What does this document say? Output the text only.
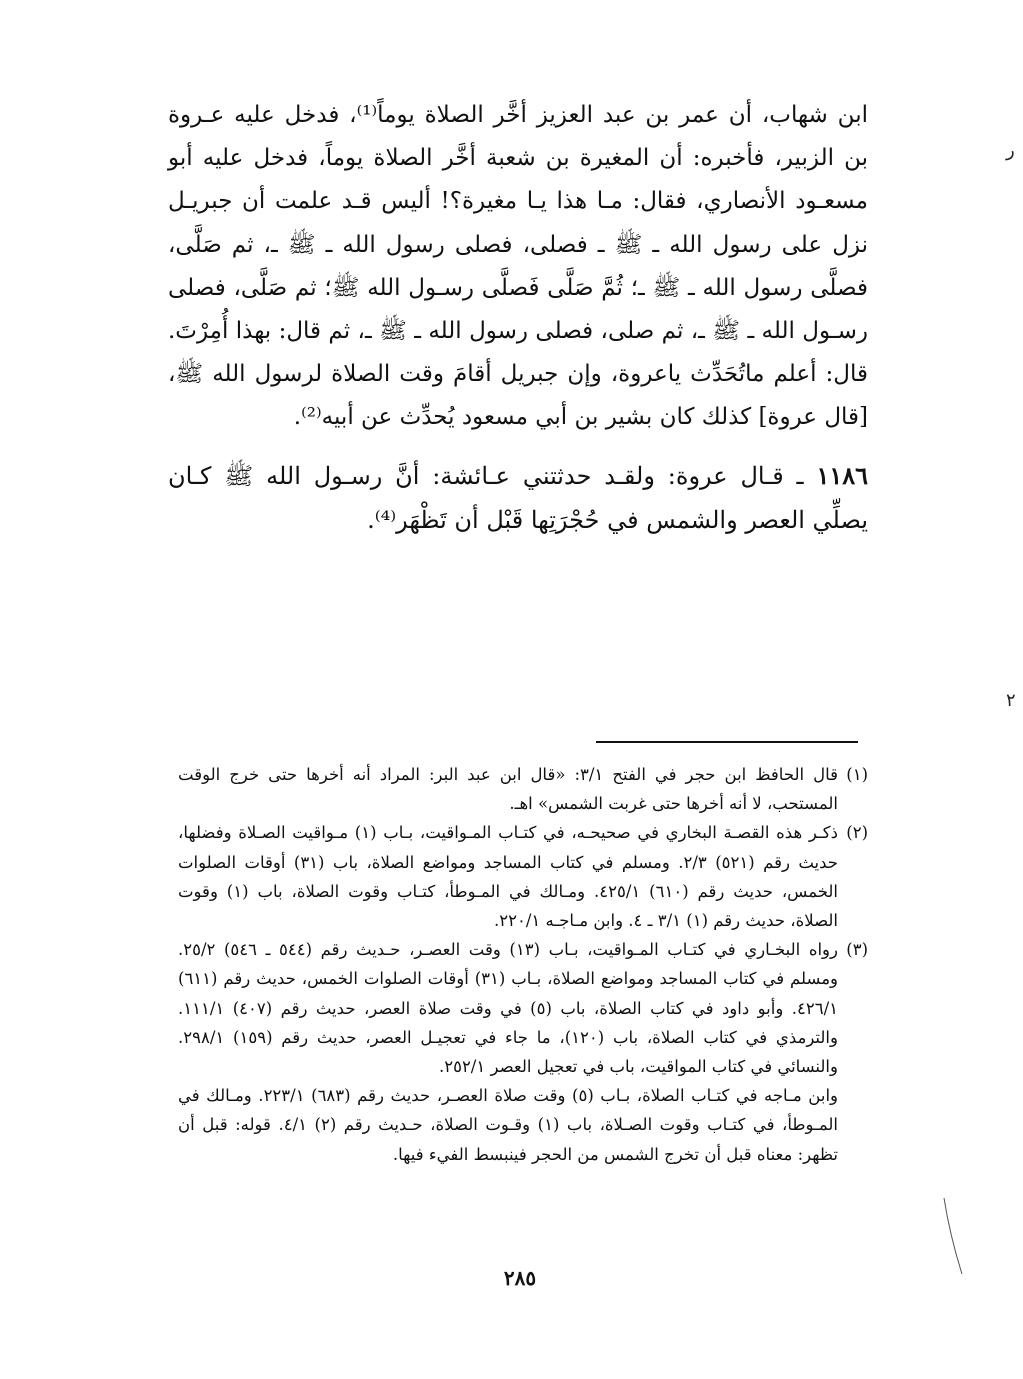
ابن شهاب، أن عمر بن عبد العزيز أخَّر الصلاة يوماً⁽¹⁾، فدخل عليه عـروة بن الزبير، فأخبره: أن المغيرة بن شعبة أخَّر الصلاة يوماً، فدخل عليه أبو مسعـود الأنصاري، فقال: مـا هذا يـا مغيرة؟! أليس قـد علمت أن جبريـل نزل على رسول الله ـ ﷺ ـ فصلى، فصلى رسول الله ـ ﷺ ـ، ثم صَلَّى، فصلَّى رسول الله ـ ﷺ ـ؛ ثُمَّ صَلَّى فَصلَّى رسـول الله ﷺ؛ ثم صَلَّى، فصلى رسـول الله ـ ﷺ ـ، ثم صلى، فصلى رسول الله ـ ﷺ ـ، ثم قال: بهذا أُمِرْتَ. قال: أعلم ماتُحَدِّث ياعروة، وإن جبريل أقامَ وقت الصلاة لرسول الله ﷺ، [قال عروة] كذلك كان بشير بن أبي مسعود يُحدِّث عن أبيه⁽²⁾.

١١٨٦ ـ قـال عروة: ولقـد حدثتني عـائشة: أنَّ رسـول الله ﷺ كـان يصلِّي العصر والشمس في حُجْرَتِها قَبْل أن تَظْهَر⁽⁴⁾.
(١)
قال الحافظ ابن حجر في الفتح ٣/١: «قال ابن عبد البر: المراد أنه أخرها حتى خرج الوقت المستحب، لا أنه أخرها حتى غربت الشمس» اهـ.
(٢)
ذكـر هذه القصـة البخاري في صحيحـه، في كتـاب المـواقيت، بـاب (١) مـواقيت الصـلاة وفضلها، حديث رقم (٥٢١) ٢/٣. ومسلم في كتاب المساجد ومواضع الصلاة، باب (٣١) أوقات الصلوات الخمس، حديث رقم (٦١٠) ٤٢٥/١. ومـالك في المـوطأ، كتـاب وقوت الصلاة، باب (١) وقوت الصلاة، حديث رقم (١) ٣/١ ـ ٤. وابن مـاجـه ٢٢٠/١.
(٣)
رواه البخـاري في كتـاب المـواقيت، بـاب (١٣) وقت العصـر، حـديث رقم (٥٤٤ ـ ٥٤٦) ٢٥/٢. ومسلم في كتاب المساجد ومواضع الصلاة، بـاب (٣١) أوقات الصلوات الخمس، حديث رقم (٦١١) ٤٢٦/١. وأبو داود في كتاب الصلاة، باب (٥) في وقت صلاة العصر، حديث رقم (٤٠٧) ١١١/١. والترمذي في كتاب الصلاة، باب (١٢٠)، ما جاء في تعجيـل العصر، حديث رقم (١٥٩) ٢٩٨/١. والنسائي في كتاب المواقيت، باب في تعجيل العصر ٢٥٢/١.

وابن مـاجه في كتـاب الصلاة، بـاب (٥) وقت صلاة العصـر، حديث رقم (٦٨٣) ٢٢٣/١. ومـالك في المـوطأ، في كتـاب وقوت الصـلاة، باب (١) وقـوت الصلاة، حـديث رقم (٢) ٤/١. قوله: قبل أن تظهر: معناه قبل أن تخرج الشمس من الحجر فينبسط الفيء فيها.

٢٨٥
ﺭ
٢
